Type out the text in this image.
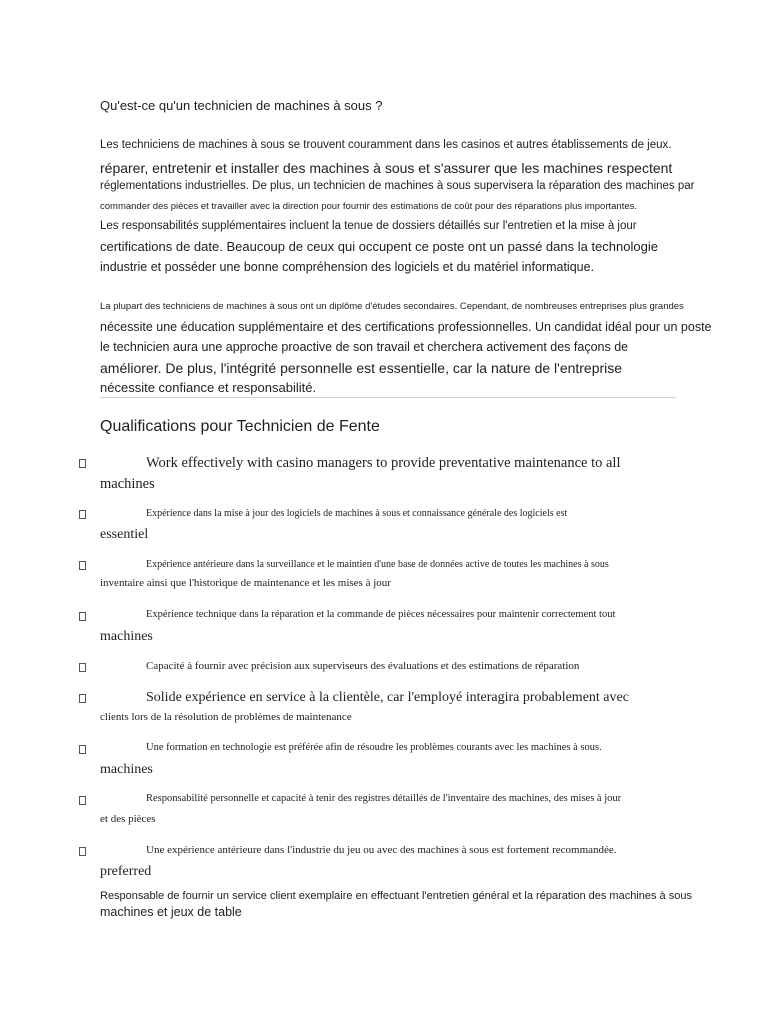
Qu'est-ce qu'un technicien de machines à sous ?
Les techniciens de machines à sous se trouvent couramment dans les casinos et autres établissements de jeux.
réparer, entretenir et installer des machines à sous et s'assurer que les machines respectent
réglementations industrielles. De plus, un technicien de machines à sous supervisera la réparation des machines par
commander des pièces et travailler avec la direction pour fournir des estimations de coût pour des réparations plus importantes.
Les responsabilités supplémentaires incluent la tenue de dossiers détaillés sur l'entretien et la mise à jour
certifications de date. Beaucoup de ceux qui occupent ce poste ont un passé dans la technologie
industrie et posséder une bonne compréhension des logiciels et du matériel informatique.
La plupart des techniciens de machines à sous ont un diplôme d'études secondaires. Cependant, de nombreuses entreprises plus grandes
nécessite une éducation supplémentaire et des certifications professionnelles. Un candidat idéal pour un poste
le technicien aura une approche proactive de son travail et cherchera activement des façons de
améliorer. De plus, l'intégrité personnelle est essentielle, car la nature de l'entreprise
nécessite confiance et responsabilité.
Qualifications pour Technicien de Fente
Work effectively with casino managers to provide preventative maintenance to all
machines
Expérience dans la mise à jour des logiciels de machines à sous et connaissance générale des logiciels est
essentiel
Expérience antérieure dans la surveillance et le maintien d'une base de données active de toutes les machines à sous
inventaire ainsi que l'historique de maintenance et les mises à jour
Expérience technique dans la réparation et la commande de pièces nécessaires pour maintenir correctement tout
machines
Capacité à fournir avec précision aux superviseurs des évaluations et des estimations de réparation
Solide expérience en service à la clientèle, car l'employé interagira probablement avec
clients lors de la résolution de problèmes de maintenance
Une formation en technologie est préférée afin de résoudre les problèmes courants avec les machines à sous.
machines
Responsabilité personnelle et capacité à tenir des registres détaillés de l'inventaire des machines, des mises à jour
et des pièces
Une expérience antérieure dans l'industrie du jeu ou avec des machines à sous est fortement recommandée.
preferred
Responsable de fournir un service client exemplaire en effectuant l'entretien général et la réparation des machines à sous
machines et jeux de table
